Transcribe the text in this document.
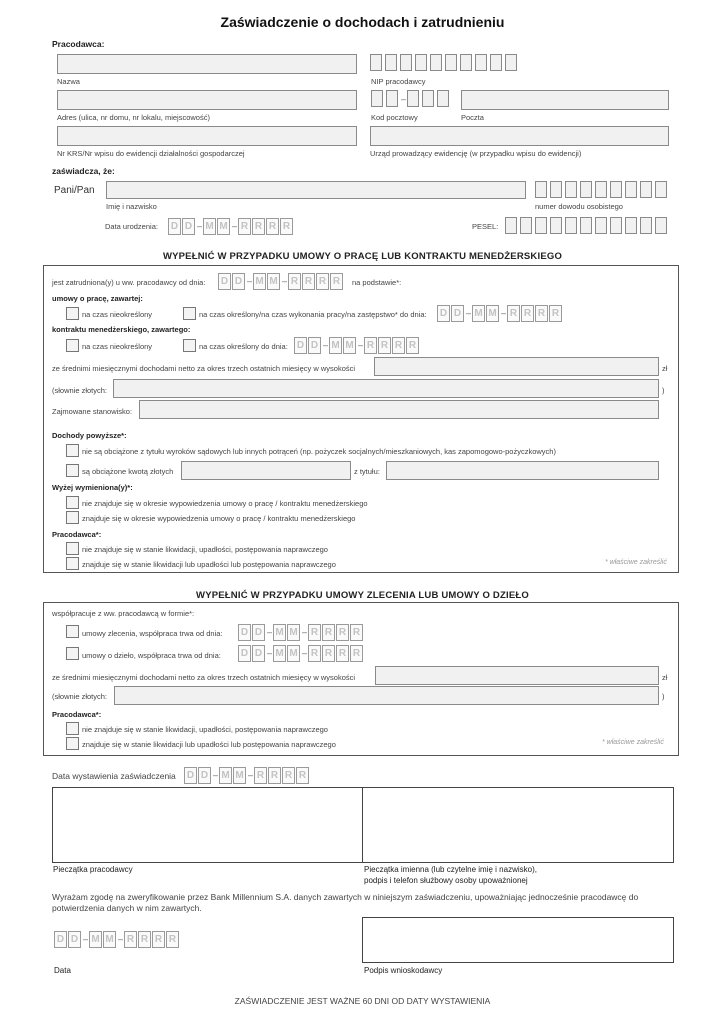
Zaświadczenie o dochodach i zatrudnieniu
Pracodawca:
Nazwa	NIP pracodawcy
Adres (ulica, nr domu, nr lokalu, miejscowość)
–
Kod pocztowy	Poczta
Nr KRS/Nr wpisu do ewidencji działalności gospodarczej	Urząd prowadzący ewidencję (w przypadku wpisu do ewidencji)
zaświadcza, że:
Pani/Pan
Imię i nazwisko	numer dowodu osobistego
Data urodzenia: D D – M M – R R R R	PESEL:
WYPEŁNIĆ W PRZYPADKU UMOWY O PRACĘ LUB KONTRAKTU MENEDŻERSKIEGO
jest zatrudniona(y) u ww. pracodawcy od dnia: D D – M M – R R R R	na podstawie*:
umowy o pracę, zawartej:
na czas nieokreślony	na czas określony/na czas wykonania pracy/na zastępstwo* do dnia: D D – M M – R R R R
kontraktu menedżerskiego, zawartego:
na czas nieokreślony	na czas określony do dnia: D D – M M – R R R R
ze średnimi miesięcznymi dochodami netto za okres trzech ostatnich miesięcy w wysokości	zł
(słownie złotych:	)
Zajmowane stanowisko:
Dochody powyższe*:
nie są obciążone z tytułu wyroków sądowych lub innych potrąceń (np. pożyczek socjalnych/mieszkaniowych, kas zapomogowo-pożyczkowych)
są obciążone kwotą złotych	z tytułu:
Wyżej wymieniona(y)*:
nie znajduje się w okresie wypowiedzenia umowy o pracę / kontraktu menedżerskiego
znajduje się w okresie wypowiedzenia umowy o pracę / kontraktu menedżerskiego
Pracodawca*:
nie znajduje się w stanie likwidacji, upadłości, postępowania naprawczego
znajduje się w stanie likwidacji lub upadłości lub postępowania naprawczego	* właściwe zakreślić
WYPEŁNIĆ W PRZYPADKU UMOWY ZLECENIA LUB UMOWY O DZIEŁO
współpracuje z ww. pracodawcą w formie*:
umowy zlecenia, współpraca trwa od dnia: D D – M M – R R R R
umowy o dzieło, współpraca trwa od dnia: D D – M M – R R R R
ze średnimi miesięcznymi dochodami netto za okres trzech ostatnich miesięcy w wysokości	zł
(słownie złotych:	)
Pracodawca*:
nie znajduje się w stanie likwidacji, upadłości, postępowania naprawczego
znajduje się w stanie likwidacji lub upadłości lub postępowania naprawczego	* właściwe zakreślić
Data wystawienia zaświadczenia D D – M M – R R R R
Pieczątka pracodawcy	Pieczątka imienna (lub czytelne imię i nazwisko),
podpis i telefon służbowy osoby upoważnionej
Wyrażam zgodę na zweryfikowanie przez Bank Millennium S.A. danych zawartych w niniejszym zaświadczeniu, upoważniając jednocześnie pracodawcę do potwierdzenia danych w nim zawartych.
D D – M M – R R R R
Data	Podpis wnioskodawcy
ZAŚWIADCZENIE JEST WAŻNE 60 DNI OD DATY WYSTAWIENIA
